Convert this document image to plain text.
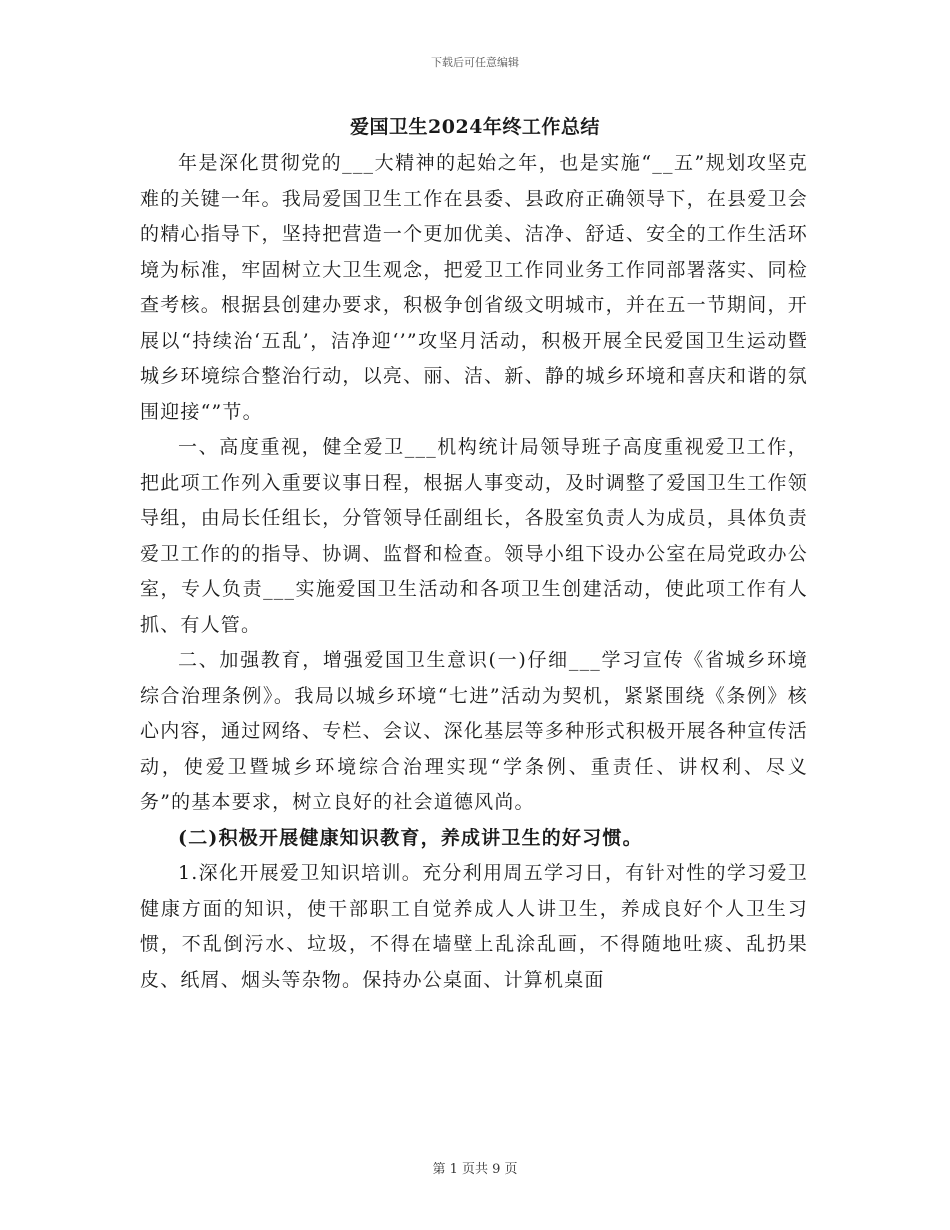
下载后可任意编辑
爱国卫生2024年终工作总结

年是深化贯彻党的___大精神的起始之年，也是实施“__五”规划攻坚克难的关键一年。我局爱国卫生工作在县委、县政府正确领导下，在县爱卫会的精心指导下，坚持把营造一个更加优美、洁净、舒适、安全的工作生活环境为标准，牢固树立大卫生观念，把爱卫工作同业务工作同部署落实、同检查考核。根据县创建办要求，积极争创省级文明城市，并在五一节期间，开展以“持续治‘五乱’，洁净迎‘’”攻坚月活动，积极开展全民爱国卫生运动暨城乡环境综合整治行动，以亮、丽、洁、新、静的城乡环境和喜庆和谐的氛围迎接“”节。

一、高度重视，健全爱卫___机构统计局领导班子高度重视爱卫工作，把此项工作列入重要议事日程，根据人事变动，及时调整了爱国卫生工作领导组，由局长任组长，分管领导任副组长，各股室负责人为成员，具体负责爱卫工作的的指导、协调、监督和检查。领导小组下设办公室在局党政办公室，专人负责___实施爱国卫生活动和各项卫生创建活动，使此项工作有人抓、有人管。

二、加强教育，增强爱国卫生意识(一)仔细___学习宣传《省城乡环境综合治理条例》。我局以城乡环境“七进”活动为契机，紧紧围绕《条例》核心内容，通过网络、专栏、会议、深化基层等多种形式积极开展各种宣传活动，使爱卫暨城乡环境综合治理实现“学条例、重责任、讲权利、尽义务”的基本要求，树立良好的社会道德风尚。

(二)积极开展健康知识教育，养成讲卫生的好习惯。

1.深化开展爱卫知识培训。充分利用周五学习日，有针对性的学习爱卫健康方面的知识，使干部职工自觉养成人人讲卫生，养成良好个人卫生习惯，不乱倒污水、垃圾，不得在墙壁上乱涂乱画，不得随地吐痰、乱扔果皮、纸屑、烟头等杂物。保持办公桌面、计算机桌面

第 1 页共 9 页
